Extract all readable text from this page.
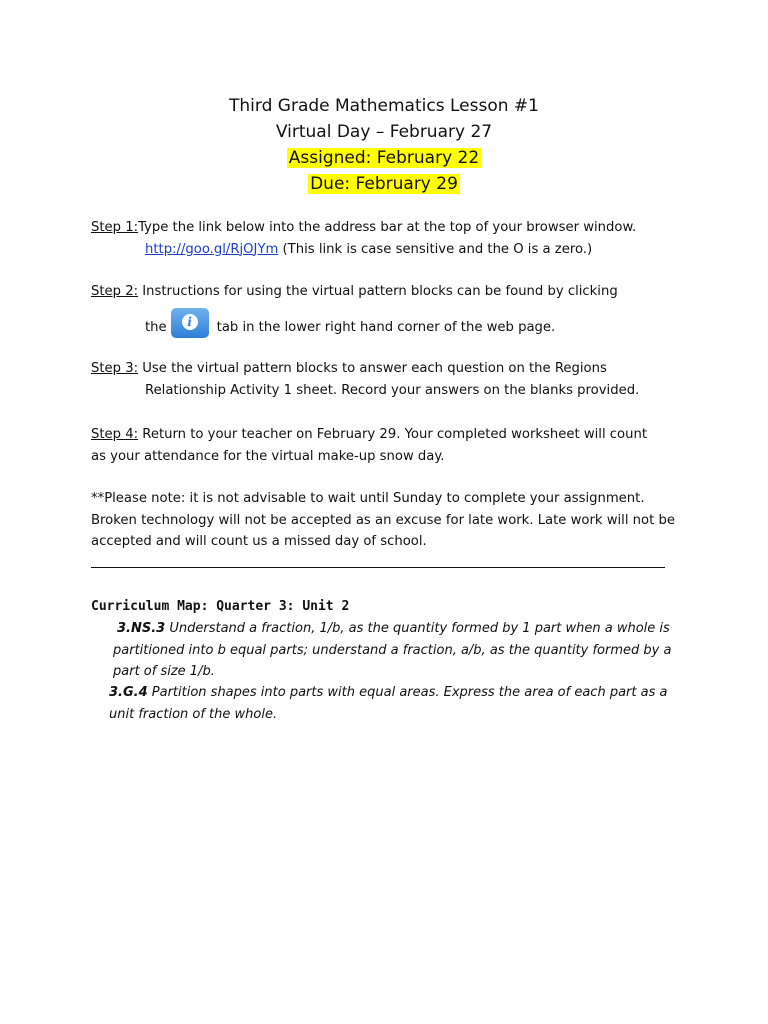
Third Grade Mathematics Lesson #1
Virtual Day – February 27
Assigned: February 22
Due: February 29
Step 1:Type the link below into the address bar at the top of your browser window.
http://goo.gl/RjOJYm (This link is case sensitive and the O is a zero.)
Step 2: Instructions for using the virtual pattern blocks can be found by clicking
the	i	tab in the lower right hand corner of the web page.
Step 3: Use the virtual pattern blocks to answer each question on the Regions
Relationship Activity 1 sheet. Record your answers on the blanks provided.
Step 4: Return to your teacher on February 29. Your completed worksheet will count as your attendance for the virtual make-up snow day.
**Please note: it is not advisable to wait until Sunday to complete your assignment. Broken technology will not be accepted as an excuse for late work. Late work will not be accepted and will count us a missed day of school.
Curriculum Map: Quarter 3: Unit 2
3.NS.3 Understand a fraction, 1/b, as the quantity formed by 1 part when a whole is partitioned into b equal parts; understand a fraction, a/b, as the quantity formed by a part of size 1/b.
3.G.4 Partition shapes into parts with equal areas. Express the area of each part as a unit fraction of the whole.
